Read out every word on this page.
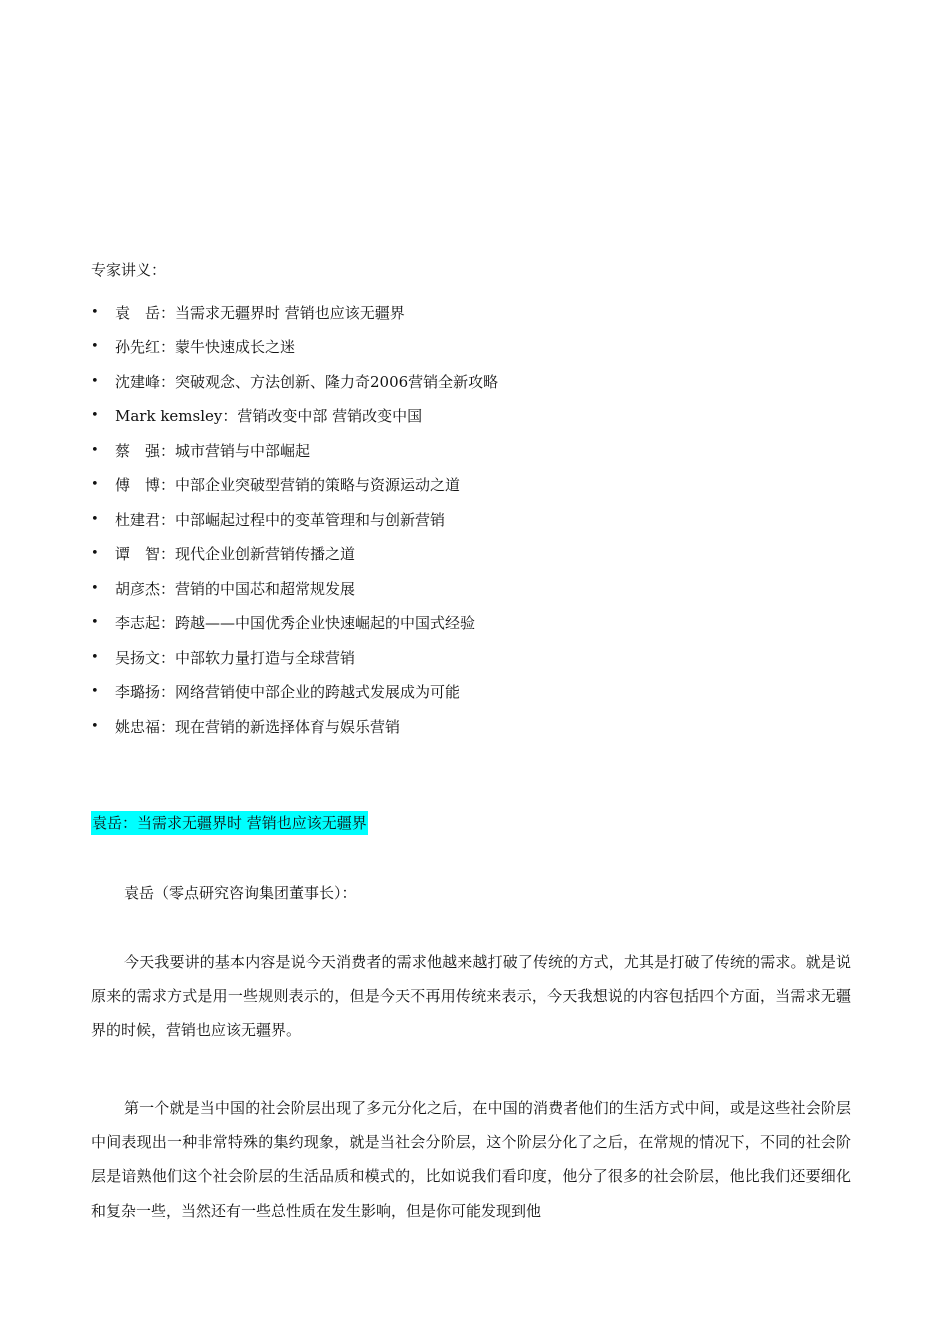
专家讲义：
•	袁　岳：当需求无疆界时 营销也应该无疆界
•	孙先红：蒙牛快速成长之迷
•	沈建峰：突破观念、方法创新、隆力奇2006营销全新攻略
•	Mark kemsley：营销改变中部 营销改变中国
•	蔡　强：城市营销与中部崛起
•	傅　博：中部企业突破型营销的策略与资源运动之道
•	杜建君：中部崛起过程中的变革管理和与创新营销
•	谭　智：现代企业创新营销传播之道
•	胡彦杰：营销的中国芯和超常规发展
•	李志起：跨越——中国优秀企业快速崛起的中国式经验
•	吴扬文：中部软力量打造与全球营销
•	李璐扬：网络营销使中部企业的跨越式发展成为可能
•	姚忠福：现在营销的新选择体育与娱乐营销
袁岳：当需求无疆界时 营销也应该无疆界
袁岳（零点研究咨询集团董事长）：

今天我要讲的基本内容是说今天消费者的需求他越来越打破了传统的方式，尤其是打破了传统的需求。就是说原来的需求方式是用一些规则表示的，但是今天不再用传统来表示，今天我想说的内容包括四个方面，当需求无疆界的时候，营销也应该无疆界。

第一个就是当中国的社会阶层出现了多元分化之后，在中国的消费者他们的生活方式中间，或是这些社会阶层中间表现出一种非常特殊的集约现象，就是当社会分阶层，这个阶层分化了之后，在常规的情况下，不同的社会阶层是谙熟他们这个社会阶层的生活品质和模式的，比如说我们看印度，他分了很多的社会阶层，他比我们还要细化和复杂一些，当然还有一些总性质在发生影响，但是你可能发现到他
